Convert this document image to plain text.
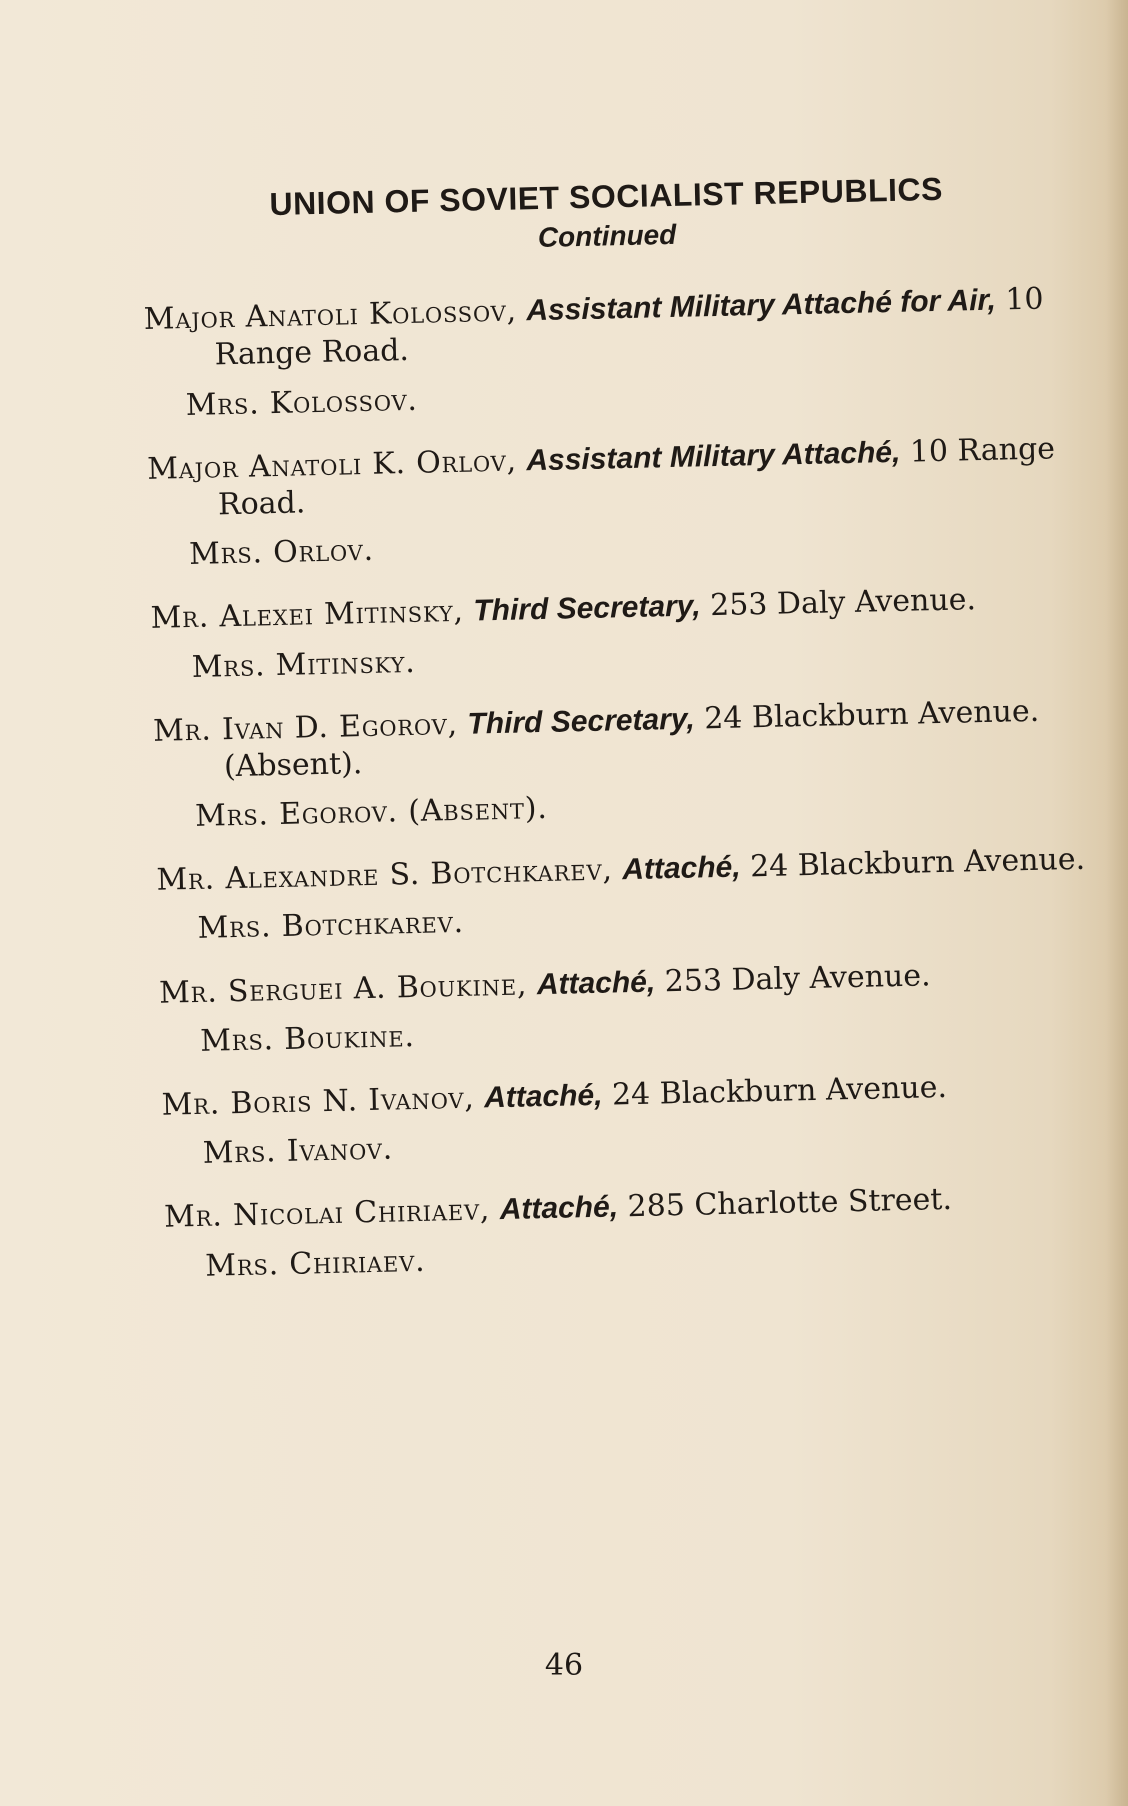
UNION OF SOVIET SOCIALIST REPUBLICS
Continued
Major Anatoli Kolossov, Assistant Military Attaché for Air, 10 Range Road.
Mrs. Kolossov.
Major Anatoli K. Orlov, Assistant Military Attaché, 10 Range Road.
Mrs. Orlov.
Mr. Alexei Mitinsky, Third Secretary, 253 Daly Avenue.
Mrs. Mitinsky.
Mr. Ivan D. Egorov, Third Secretary, 24 Blackburn Avenue. (Absent).
Mrs. Egorov. (Absent).
Mr. Alexandre S. Botchkarev, Attaché, 24 Blackburn Avenue.
Mrs. Botchkarev.
Mr. Serguei A. Boukine, Attaché, 253 Daly Avenue.
Mrs. Boukine.
Mr. Boris N. Ivanov, Attaché, 24 Blackburn Avenue.
Mrs. Ivanov.
Mr. Nicolai Chiriaev, Attaché, 285 Charlotte Street.
Mrs. Chiriaev.
46
